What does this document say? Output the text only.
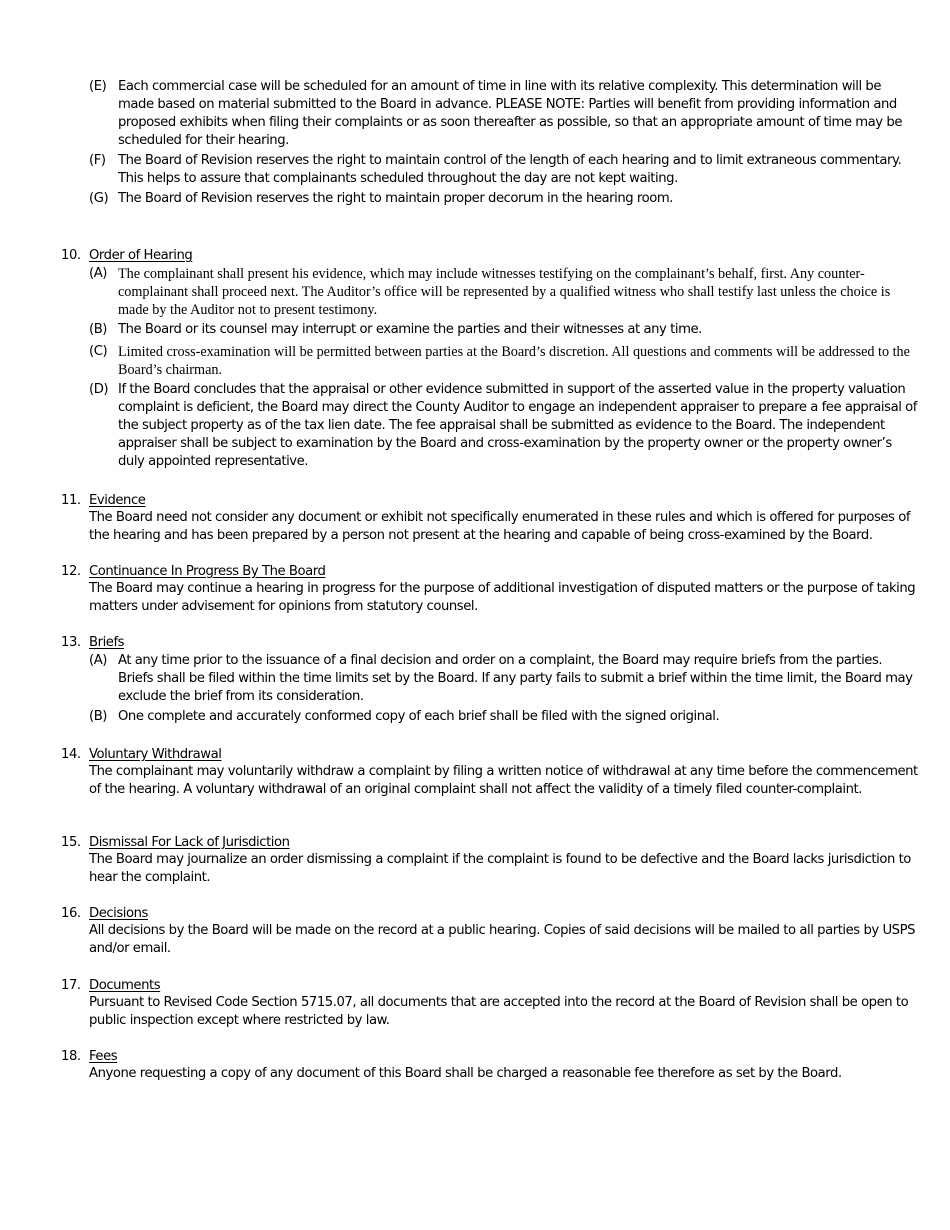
(E) Each commercial case will be scheduled for an amount of time in line with its relative complexity. This determination will be made based on material submitted to the Board in advance. PLEASE NOTE: Parties will benefit from providing information and proposed exhibits when filing their complaints or as soon thereafter as possible, so that an appropriate amount of time may be scheduled for their hearing.
(F) The Board of Revision reserves the right to maintain control of the length of each hearing and to limit extraneous commentary. This helps to assure that complainants scheduled throughout the day are not kept waiting.
(G) The Board of Revision reserves the right to maintain proper decorum in the hearing room.
10. Order of Hearing
(A) The complainant shall present his evidence, which may include witnesses testifying on the complainant’s behalf, first. Any counter-complainant shall proceed next. The Auditor’s office will be represented by a qualified witness who shall testify last unless the choice is made by the Auditor not to present testimony.
(B) The Board or its counsel may interrupt or examine the parties and their witnesses at any time.
(C) Limited cross-examination will be permitted between parties at the Board’s discretion. All questions and comments will be addressed to the Board’s chairman.
(D) If the Board concludes that the appraisal or other evidence submitted in support of the asserted value in the property valuation complaint is deficient, the Board may direct the County Auditor to engage an independent appraiser to prepare a fee appraisal of the subject property as of the tax lien date. The fee appraisal shall be submitted as evidence to the Board. The independent appraiser shall be subject to examination by the Board and cross-examination by the property owner or the property owner’s duly appointed representative.
11. Evidence
The Board need not consider any document or exhibit not specifically enumerated in these rules and which is offered for purposes of the hearing and has been prepared by a person not present at the hearing and capable of being cross-examined by the Board.
12. Continuance In Progress By The Board
The Board may continue a hearing in progress for the purpose of additional investigation of disputed matters or the purpose of taking matters under advisement for opinions from statutory counsel.
13. Briefs
(A) At any time prior to the issuance of a final decision and order on a complaint, the Board may require briefs from the parties. Briefs shall be filed within the time limits set by the Board. If any party fails to submit a brief within the time limit, the Board may exclude the brief from its consideration.
(B) One complete and accurately conformed copy of each brief shall be filed with the signed original.
14. Voluntary Withdrawal
The complainant may voluntarily withdraw a complaint by filing a written notice of withdrawal at any time before the commencement of the hearing. A voluntary withdrawal of an original complaint shall not affect the validity of a timely filed counter-complaint.
15. Dismissal For Lack of Jurisdiction
The Board may journalize an order dismissing a complaint if the complaint is found to be defective and the Board lacks jurisdiction to hear the complaint.
16. Decisions
All decisions by the Board will be made on the record at a public hearing. Copies of said decisions will be mailed to all parties by USPS and/or email.
17. Documents
Pursuant to Revised Code Section 5715.07, all documents that are accepted into the record at the Board of Revision shall be open to public inspection except where restricted by law.
18. Fees
Anyone requesting a copy of any document of this Board shall be charged a reasonable fee therefore as set by the Board.
